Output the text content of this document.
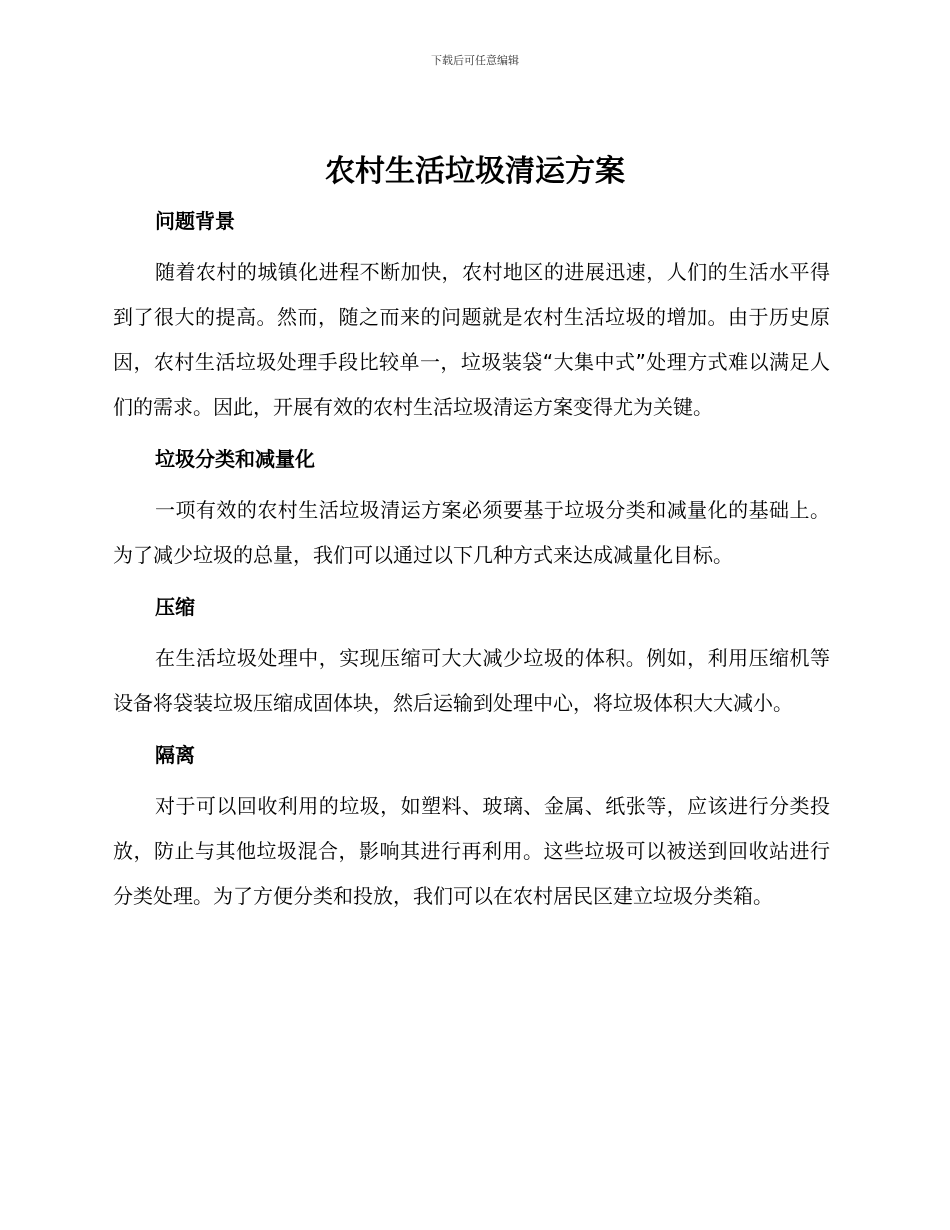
下载后可任意编辑
农村生活垃圾清运方案

问题背景

随着农村的城镇化进程不断加快，农村地区的进展迅速，人们的生活水平得到了很大的提高。然而，随之而来的问题就是农村生活垃圾的增加。由于历史原因，农村生活垃圾处理手段比较单一，垃圾装袋“大集中式”处理方式难以满足人们的需求。因此，开展有效的农村生活垃圾清运方案变得尤为关键。

垃圾分类和减量化

一项有效的农村生活垃圾清运方案必须要基于垃圾分类和减量化的基础上。为了减少垃圾的总量，我们可以通过以下几种方式来达成减量化目标。

压缩

在生活垃圾处理中，实现压缩可大大减少垃圾的体积。例如，利用压缩机等设备将袋装垃圾压缩成固体块，然后运输到处理中心，将垃圾体积大大减小。

隔离

对于可以回收利用的垃圾，如塑料、玻璃、金属、纸张等，应该进行分类投放，防止与其他垃圾混合，影响其进行再利用。这些垃圾可以被送到回收站进行分类处理。为了方便分类和投放，我们可以在农村居民区建立垃圾分类箱。
